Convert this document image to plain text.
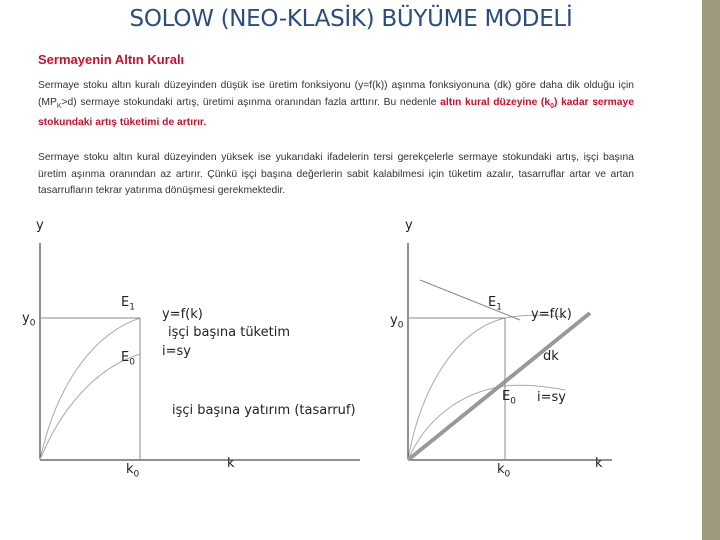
SOLOW (NEO-KLASİK) BÜYÜME MODELİ
Sermayenin Altın Kuralı
Sermaye stoku altın kuralı düzeyinden düşük ise üretim fonksiyonu (y=f(k)) aşınma fonksiyonuna (dk) göre daha dik olduğu için $(MP_K>d)$ sermaye stokundaki artış, üretimi aşınma oranından fazla arttırır. Bu nedenle altın kural düzeyine $(k_0)$ kadar sermaye stokundaki artış tüketimi de artırır.
Sermaye stoku altın kural düzeyinden yüksek ise yukarıdaki ifadelerin tersi gerekçelerle sermaye stokundaki artış, işçi başına üretim aşınma oranından az artırır. Çünkü işçi başına değerlerin sabit kalabilmesi için tüketim azalır, tasarruflar artar ve artan tasarrufların tekrar yatırıma dönüşmesi gerekmektedir.
y
$y_0$
$E_1$
$E_0$
y=f(k)
işçi başına tüketim
i=sy
işçi başına yatırım (tasarruf)
$k_0$
k
y
$y_0$
$E_1$ y=f(k)
dk
$E_0$ i=sy
$k_0$
k
